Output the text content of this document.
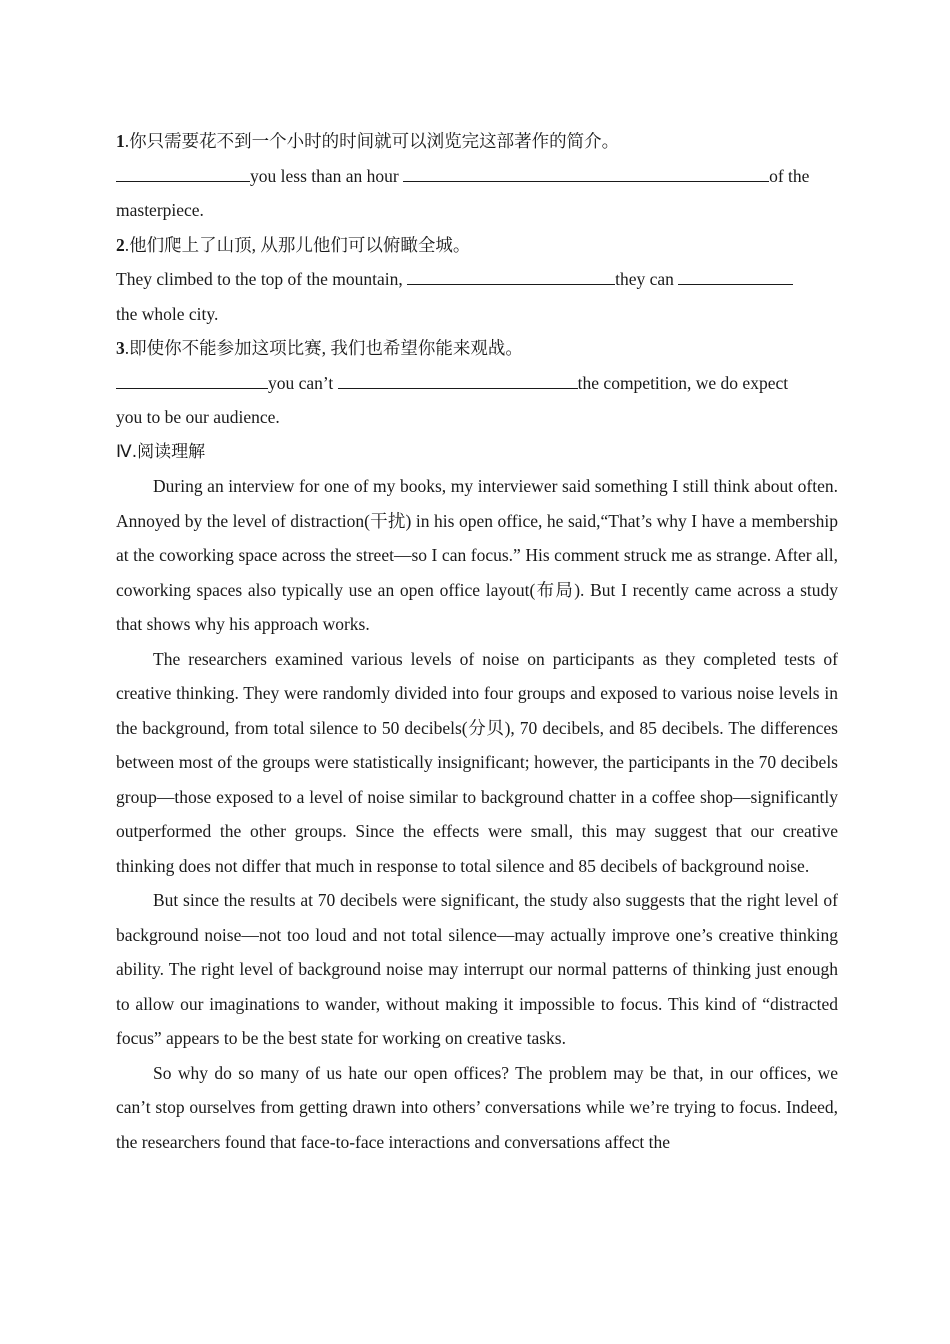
1.你只需要花不到一个小时的时间就可以浏览完这部著作的简介。
you less than an hour	of the
masterpiece.
2.他们爬上了山顶, 从那儿他们可以俯瞰全城。
They climbed to the top of the mountain,	they can
the whole city.
3.即使你不能参加这项比赛, 我们也希望你能来观战。
you can’t	the competition, we do expect
you to be our audience.
Ⅳ.阅读理解

During an interview for one of my books, my interviewer said something I still think about often. Annoyed by the level of distraction(干扰) in his open office, he said,“That’s why I have a membership at the coworking space across the street—so I can focus.” His comment struck me as strange. After all, coworking spaces also typically use an open office layout(布局). But I recently came across a study that shows why his approach works.

The researchers examined various levels of noise on participants as they completed tests of creative thinking. They were randomly divided into four groups and exposed to various noise levels in the background, from total silence to 50 decibels(分贝), 70 decibels, and 85 decibels. The differences between most of the groups were statistically insignificant; however, the participants in the 70 decibels group—those exposed to a level of noise similar to background chatter in a coffee shop—significantly outperformed the other groups. Since the effects were small, this may suggest that our creative thinking does not differ that much in response to total silence and 85 decibels of background noise.

But since the results at 70 decibels were significant, the study also suggests that the right level of background noise—not too loud and not total silence—may actually improve one’s creative thinking ability. The right level of background noise may interrupt our normal patterns of thinking just enough to allow our imaginations to wander, without making it impossible to focus. This kind of “distracted focus” appears to be the best state for working on creative tasks.

So why do so many of us hate our open offices? The problem may be that, in our offices, we can’t stop ourselves from getting drawn into others’ conversations while we’re trying to focus. Indeed, the researchers found that face-to-face interactions and conversations affect the
